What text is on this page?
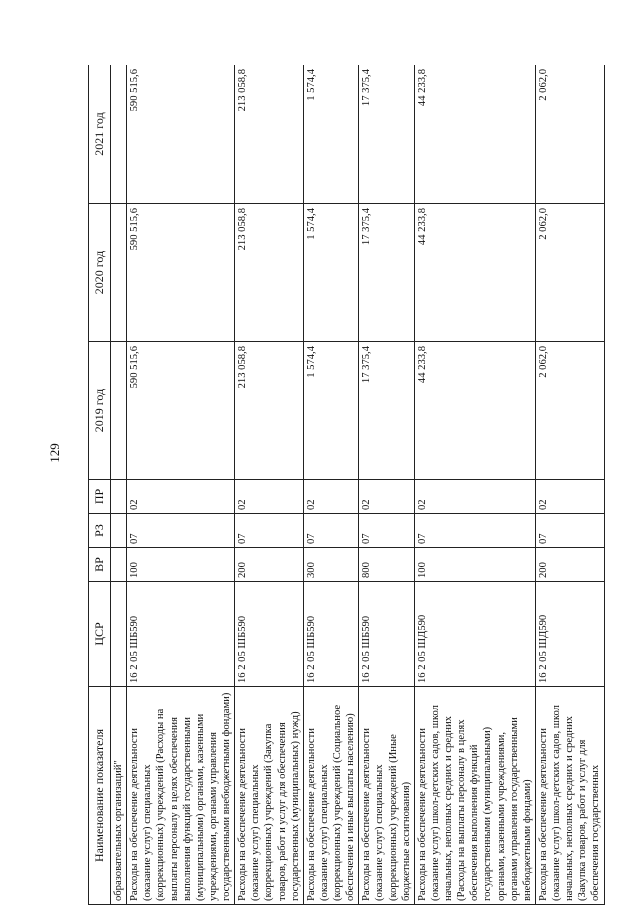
129
Наименование показателя	ЦСР	ВР	РЗ	ПР	2019 год	2020 год	2021 год
образовательных организаций"							
Расходы на обеспечение деятельности (оказание услуг) специальных (коррекционных) учреждений (Расходы на выплаты персоналу в целях обеспечения выполнения функций государственными (муниципальными) органами, казенными учреждениями, органами управления государственными внебюджетными фондами)	16 2 05 ШБ590	100	07	02	590 515,6	590 515,6	590 515,6
Расходы на обеспечение деятельности (оказание услуг) специальных (коррекционных) учреждений (Закупка товаров, работ и услуг для обеспечения государственных (муниципальных) нужд)	16 2 05 ШБ590	200	07	02	213 058,8	213 058,8	213 058,8
Расходы на обеспечение деятельности (оказание услуг) специальных (коррекционных) учреждений (Социальное обеспечение и иные выплаты населению)	16 2 05 ШБ590	300	07	02	1 574,4	1 574,4	1 574,4
Расходы на обеспечение деятельности (оказание услуг) специальных (коррекционных) учреждений (Иные бюджетные ассигнования)	16 2 05 ШБ590	800	07	02	17 375,4	17 375,4	17 375,4
Расходы на обеспечение деятельности (оказание услуг) школ-детских садов, школ начальных, неполных средних и средних (Расходы на выплаты персоналу в целях обеспечения выполнения функций государственными (муниципальными) органами, казенными учреждениями, органами управления государственными внебюджетными фондами)	16 2 05 ШД590	100	07	02	44 233,8	44 233,8	44 233,8
Расходы на обеспечение деятельности (оказание услуг) школ-детских садов, школ начальных, неполных средних и средних (Закупка товаров, работ и услуг для обеспечения государственных	16 2 05 ШД590	200	07	02	2 062,0	2 062,0	2 062,0
